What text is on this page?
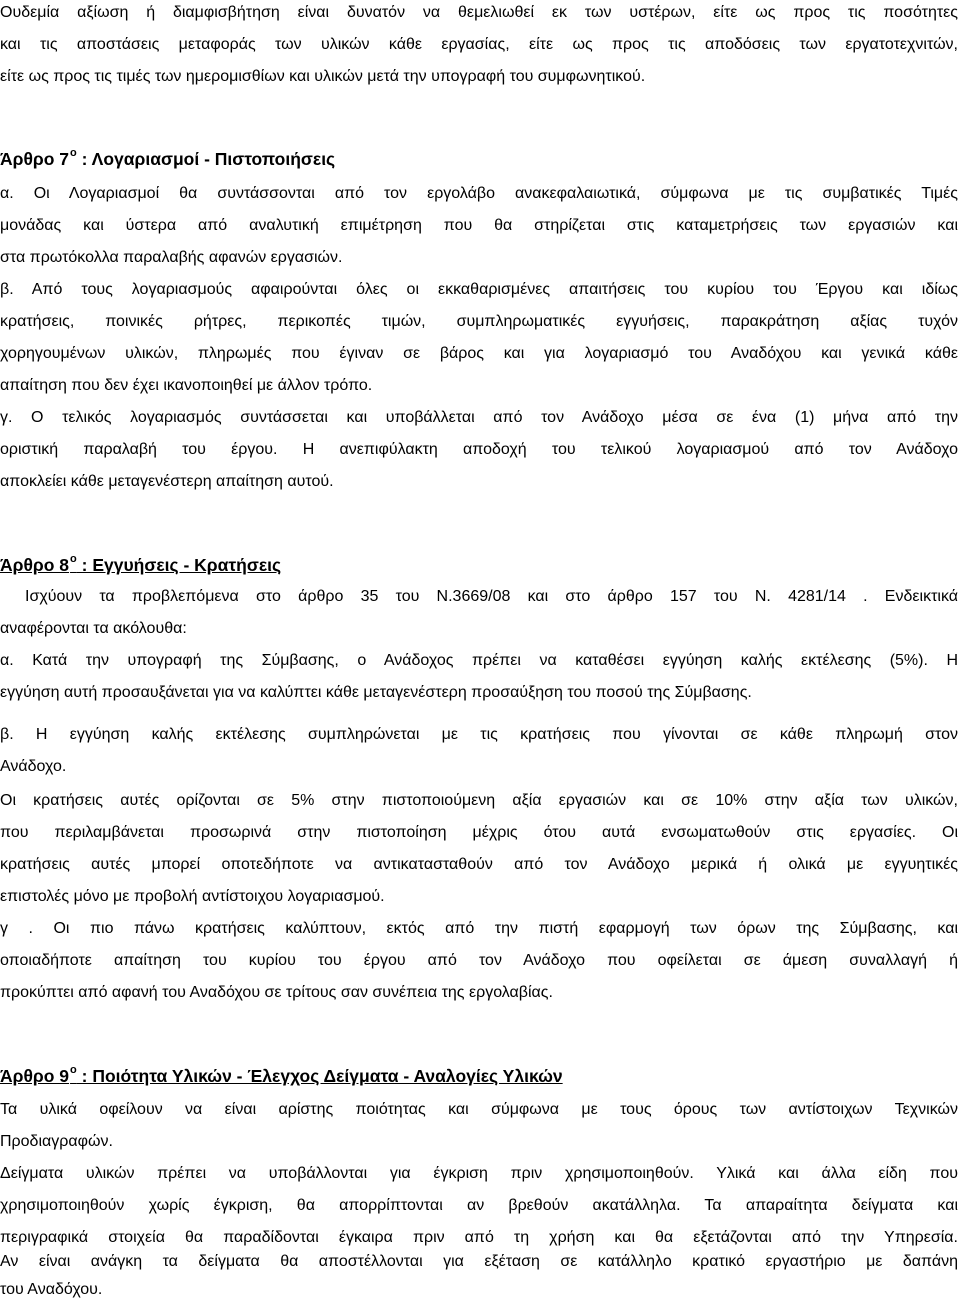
Ουδεμία αξίωση ή διαμφισβήτηση είναι δυνατόν να θεμελιωθεί εκ των υστέρων, είτε ως προς τις ποσότητες
και τις αποστάσεις μεταφοράς των υλικών κάθε εργασίας, είτε ως προς τις αποδόσεις των εργατοτεχνιτών,
είτε ως προς τις τιμές των ημερομισθίων και υλικών μετά την υπογραφή του συμφωνητικού.
Άρθρο $7^o$ : Λογαριασμοί - Πιστοποιήσεις
α. Οι Λογαριασμοί θα συντάσσονται από τον εργολάβο ανακεφαλαιωτικά, σύμφωνα με τις συμβατικές Τιμές
μονάδας και ύστερα από αναλυτική επιμέτρηση που θα στηρίζεται στις καταμετρήσεις των εργασιών και
στα πρωτόκολλα παραλαβής αφανών εργασιών.
β. Από τους λογαριασμούς αφαιρούνται όλες οι εκκαθαρισμένες απαιτήσεις του κυρίου του Έργου και ιδίως
κρατήσεις, ποινικές ρήτρες, περικοπές τιμών, συμπληρωματικές εγγυήσεις, παρακράτηση αξίας τυχόν
χορηγουμένων υλικών, πληρωμές που έγιναν σε βάρος και για λογαριασμό του Αναδόχου και γενικά κάθε
απαίτηση που δεν έχει ικανοποιηθεί με άλλον τρόπο.
γ. Ο τελικός λογαριασμός συντάσσεται και υποβάλλεται από τον Ανάδοχο μέσα σε ένα (1) μήνα από την
οριστική παραλαβή του έργου. Η ανεπιφύλακτη αποδοχή του τελικού λογαριασμού από τον Ανάδοχο
αποκλείει κάθε μεταγενέστερη απαίτηση αυτού.
Άρθρο $8^o$ : Εγγυήσεις - Κρατήσεις
Ισχύουν τα προβλεπόμενα στο άρθρο 35 του Ν.3669/08 και στο άρθρο 157 του Ν. 4281/14 . Ενδεικτικά
αναφέρονται τα ακόλουθα:
α. Κατά την υπογραφή της Σύμβασης, ο Ανάδοχος πρέπει να καταθέσει εγγύηση καλής εκτέλεσης (5%). Η
εγγύηση αυτή προσαυξάνεται για να καλύπτει κάθε μεταγενέστερη προσαύξηση του ποσού της Σύμβασης.
β. Η εγγύηση καλής εκτέλεσης συμπληρώνεται με τις κρατήσεις που γίνονται σε κάθε πληρωμή στον
Ανάδοχο.
Οι κρατήσεις αυτές ορίζονται σε 5% στην πιστοποιούμενη αξία εργασιών και σε 10% στην αξία των υλικών,
που περιλαμβάνεται προσωρινά στην πιστοποίηση μέχρις ότου αυτά ενσωματωθούν στις εργασίες. Οι
κρατήσεις αυτές μπορεί οποτεδήποτε να αντικατασταθούν από τον Ανάδοχο μερικά ή ολικά με εγγυητικές
επιστολές μόνο με προβολή αντίστοιχου λογαριασμού.
γ . Οι πιο πάνω κρατήσεις καλύπτουν, εκτός από την πιστή εφαρμογή των όρων της Σύμβασης, και
οποιαδήποτε απαίτηση του κυρίου του έργου από τον Ανάδοχο που οφείλεται σε άμεση συναλλαγή ή
προκύπτει από αφανή του Αναδόχου σε τρίτους σαν συνέπεια της εργολαβίας.
Άρθρο $9^o$ : Ποιότητα Υλικών - Έλεγχος Δείγματα - Αναλογίες Υλικών
Τα υλικά οφείλουν να είναι αρίστης ποιότητας και σύμφωνα με τους όρους των αντίστοιχων Τεχνικών
Προδιαγραφών.
Δείγματα υλικών πρέπει να υποβάλλονται για έγκριση πριν χρησιμοποιηθούν. Υλικά και άλλα είδη που
χρησιμοποιηθούν χωρίς έγκριση, θα απορρίπτονται αν βρεθούν ακατάλληλα. Τα απαραίτητα δείγματα και
περιγραφικά στοιχεία θα παραδίδονται έγκαιρα πριν από τη χρήση και θα εξετάζονται από την Υπηρεσία.
Αν είναι ανάγκη τα δείγματα θα αποστέλλονται για εξέταση σε κατάλληλο κρατικό εργαστήριο με δαπάνη
του Αναδόχου.
